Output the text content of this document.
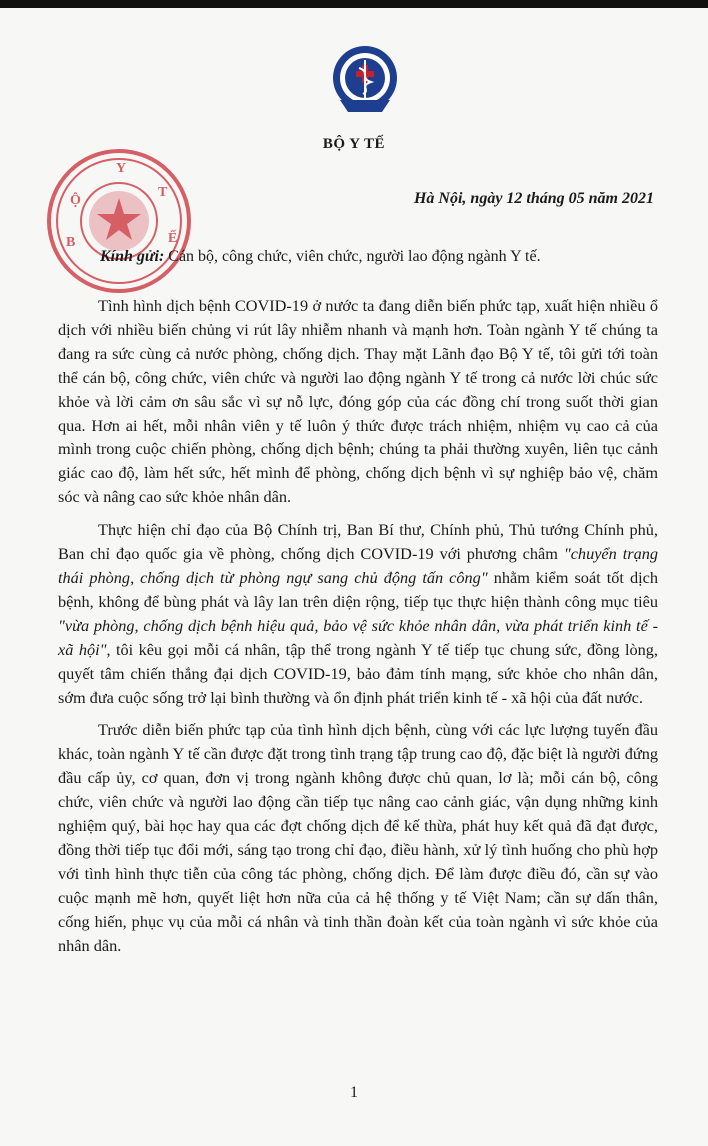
BỘ Y TẾ
Y
T
Ế
B
Ộ	Hà Nội, ngày 12 tháng 05 năm 2021
Kính gửi: Cán bộ, công chức, viên chức, người lao động ngành Y tế.

Tình hình dịch bệnh COVID-19 ở nước ta đang diễn biến phức tạp, xuất hiện nhiều ổ dịch với nhiều biến chủng vi rút lây nhiễm nhanh và mạnh hơn. Toàn ngành Y tế chúng ta đang ra sức cùng cả nước phòng, chống dịch. Thay mặt Lãnh đạo Bộ Y tế, tôi gửi tới toàn thể cán bộ, công chức, viên chức và người lao động ngành Y tế trong cả nước lời chúc sức khỏe và lời cảm ơn sâu sắc vì sự nỗ lực, đóng góp của các đồng chí trong suốt thời gian qua. Hơn ai hết, mỗi nhân viên y tế luôn ý thức được trách nhiệm, nhiệm vụ cao cả của mình trong cuộc chiến phòng, chống dịch bệnh; chúng ta phải thường xuyên, liên tục cảnh giác cao độ, làm hết sức, hết mình để phòng, chống dịch bệnh vì sự nghiệp bảo vệ, chăm sóc và nâng cao sức khỏe nhân dân.

Thực hiện chỉ đạo của Bộ Chính trị, Ban Bí thư, Chính phủ, Thủ tướng Chính phủ, Ban chỉ đạo quốc gia về phòng, chống dịch COVID-19 với phương châm "chuyển trạng thái phòng, chống dịch từ phòng ngự sang chủ động tấn công" nhằm kiểm soát tốt dịch bệnh, không để bùng phát và lây lan trên diện rộng, tiếp tục thực hiện thành công mục tiêu "vừa phòng, chống dịch bệnh hiệu quả, bảo vệ sức khỏe nhân dân, vừa phát triển kinh tế - xã hội", tôi kêu gọi mỗi cá nhân, tập thể trong ngành Y tế tiếp tục chung sức, đồng lòng, quyết tâm chiến thắng đại dịch COVID-19, bảo đảm tính mạng, sức khỏe cho nhân dân, sớm đưa cuộc sống trở lại bình thường và ổn định phát triển kinh tế - xã hội của đất nước.

Trước diễn biến phức tạp của tình hình dịch bệnh, cùng với các lực lượng tuyến đầu khác, toàn ngành Y tế cần được đặt trong tình trạng tập trung cao độ, đặc biệt là người đứng đầu cấp ủy, cơ quan, đơn vị trong ngành không được chủ quan, lơ là; mỗi cán bộ, công chức, viên chức và người lao động cần tiếp tục nâng cao cảnh giác, vận dụng những kinh nghiệm quý, bài học hay qua các đợt chống dịch để kế thừa, phát huy kết quả đã đạt được, đồng thời tiếp tục đổi mới, sáng tạo trong chỉ đạo, điều hành, xử lý tình huống cho phù hợp với tình hình thực tiễn của công tác phòng, chống dịch. Để làm được điều đó, cần sự vào cuộc mạnh mẽ hơn, quyết liệt hơn nữa của cả hệ thống y tế Việt Nam; cần sự dấn thân, cống hiến, phục vụ của mỗi cá nhân và tinh thần đoàn kết của toàn ngành vì sức khỏe của nhân dân.

1
